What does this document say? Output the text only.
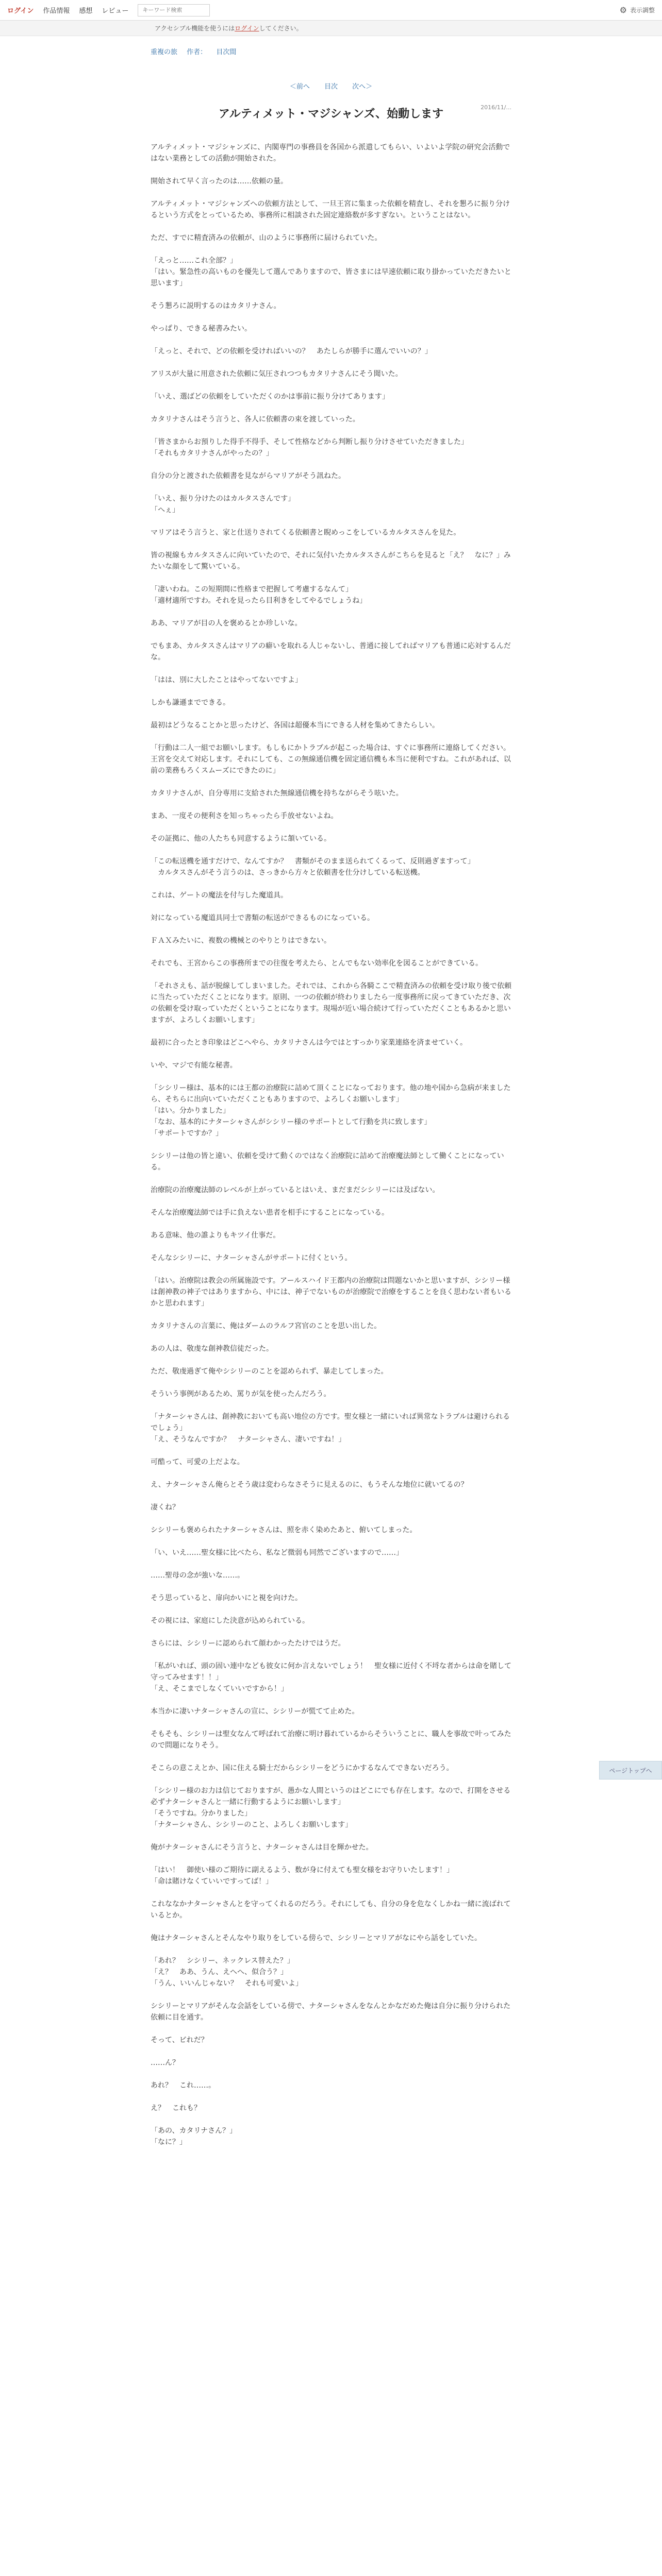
ログイン 作品情報 感想 レビュー
キーワード検索	⚙ 表示調整
アクセシブル機能を使うには ログイン してください。
重複の旅 作者： 目次間
＜前へ 目次 次へ＞
2016/11/...
アルティメット・マジシャンズ、始動します

アルティメット・マジシャンズに、内閣専門の事務員を各国から派遣してもらい、いよいよ学院の研究会活動ではない業務としての活動が開始された。

開始されて早く言ったのは……依頼の量。

アルティメット・マジシャンズへの依頼方法として、一旦王宮に集まった依頼を精査し、それを懇ろに振り分けるという方式をとっているため、事務所に相談された固定連絡数が多すぎない。ということはない。

ただ、すでに精査済みの依頼が、山のように事務所に届けられていた。

「えっと……これ全部？」
「はい。緊急性の高いものを優先して選んでありますので、皆さまには早速依頼に取り掛かっていただきたいと思います」

そう懇ろに説明するのはカタリナさん。

やっぱり、できる秘書みたい。

「えっと、それで、どの依頼を受ければいいの？　あたしらが勝手に選んでいいの？」

アリスが大量に用意された依頼に気圧されつつもカタリナさんにそう聞いた。

「いえ、選ばどの依頼をしていただくのかは事前に振り分けてあります」

カタリナさんはそう言うと、各人に依頼書の束を渡していった。

「皆さまからお預りした得手不得手、そして性格などから判断し振り分けさせていただきました」
「それもカタリナさんがやったの？」

自分の分と渡された依頼書を見ながらマリアがそう訊ねた。

「いえ、振り分けたのはカルタスさんです」
「へぇ」

マリアはそう言うと、家と仕送りされてくる依頼書と睨めっこをしているカルタスさんを見た。

皆の視線もカルタスさんに向いていたので、それに気付いたカルタスさんがこちらを見ると「え？　なに？」みたいな顔をして驚いている。

「凄いわね。この短期間に性格まで把握して考慮するなんて」
「適材適所ですわ。それを見ったら目利きをしてやるでしょうね」

ああ、マリアが目の人を褒めるとか珍しいな。

でもまあ、カルタスさんはマリアの癖いを取れる人じゃないし、普通に接してればマリアも普通に応対するんだな。

「はは、別に大したことはやってないですよ」

しかも謙遜までできる。

最初はどうなることかと思ったけど、各国は超優本当にできる人材を集めてきたらしい。

「行動は二人一組でお願いします。もしもにかトラブルが起こった場合は、すぐに事務所に連絡してください。王宮を交えて対応します。それにしても、この無線通信機を固定通信機も本当に便利ですね。これがあれば、以前の業務もろくスムーズにできたのに」

カタリナさんが、自分専用に支給された無線通信機を持ちながらそう呟いた。

まあ、一度その便利さを知っちゃったら手放せないよね。

その証拠に、他の人たちも同意するように頷いている。

「この転送機を通すだけで、なんてすか？　書類がそのまま送られてくるって、反則過ぎますって」
　カルタスさんがそう言うのは、さっきから方々と依頼書を仕分けしている転送機。

これは、ゲートの魔法を付与した魔道具。

対になっている魔道具同士で書類の転送ができるものになっている。

ＦＡＸみたいに、複数の機械とのやりとりはできない。

それでも、王宮からこの事務所までの往復を考えたら、とんでもない効率化を図ることができている。

「それさえも、話が脱線してしまいました。それでは、これから各騎ここで精査済みの依頼を受け取り後で依頼に当たっていただくことになります。原則、一つの依頼が終わりましたら一度事務所に戻ってきていただき、次の依頼を受け取っていただくということになります。現場が近い場合続けて行っていただくこともあるかと思いますが、よろしくお願いします」

最初に合ったとき印象はどこへやら、カタリナさんは今ではとすっかり家業連絡を済ませていく。

いや、マジで有能な秘書。

「シシリー様は、基本的には王都の治療院に詰めて頂くことになっております。他の地や国から急病が来ましたら、そちらに出向いていただくこともありますので、よろしくお願いします」
「はい。分かりました」
「なお、基本的にナターシャさんがシシリー様のサポートとして行動を共に致します」
「サポートですか？」

シシリーは他の皆と違い、依頼を受けて動くのではなく治療院に詰めて治療魔法師として働くことになっている。

治療院の治療魔法師のレベルが上がっているとはいえ、まだまだシシリーには及ばない。

そんな治療魔法師では手に負えない患者を相手にすることになっている。

ある意味、他の誰よりもキツイ仕事だ。

そんなシシリーに、ナターシャさんがサポートに付くという。

「はい。治療院は教会の所属施設です。アールスハイド王都内の治療院は問題ないかと思いますが、シシリー様は創神教の神子ではありますから、中には、神子でないものが治療院で治療をすることを良く思わない者もいるかと思われます」

カタリナさんの言葉に、俺はダームのラルフ宮官のことを思い出した。

あの人は、敬虔な創神教信徒だった。

ただ、敬虔過ぎて俺やシシリーのことを認められず、暴走してしまった。

そういう事例があるため、罵りが気を使ったんだろう。

「ナターシャさんは、創神教においても高い地位の方です。聖女様と一緒にいれば異常なトラブルは避けられるでしょう」
「え、そうなんですか？　ナターシャさん、凄いですね！」

可酷って、可愛の上だよな。

え、ナターシャさん俺らとそう歳は変わらなさそうに見えるのに、もうそんな地位に就いてるの？

凄くね？

シシリーも褒められたナターシャさんは、照を赤く染めたあと、俯いてしまった。

「い、いえ……聖女様に比べたら、私など微弱も同然でございますので……」

……聖母の念が強いな……。

そう思っていると、扉向かいにと視を向けた。

その視には、家庭にした決意が込められている。

さらには、シシリーに認められて顔わかったたけではうだ。

「私がいれば、頭の固い連中なども彼女に何か言えないでしょう！　聖女様に近付く不埒な者からは命を賭して守ってみせます！！」
「え、そこまでしなくていいですから！」

本当かに凄いナターシャさんの宣に、シシリーが慌てて止めた。

そもそも、シシリーは聖女なんて呼ばれて治療に明け暮れているからそういうことに、職人を事故で叶ってみたので問題になりそう。

そこらの意こえとか、国に住える騎士だからシシリーをどうにかするなんてできないだろう。

「シシリー様のお力は信じておりますが、愚かな人間というのはどこにでも存在します。なので、打開をさせる必ずナターシャさんと一緒に行動するようにお願いします」
「そうですね。分かりました」
「ナターシャさん、シシリーのこと、よろしくお願いします」

俺がナターシャさんにそう言うと、ナターシャさんは目を輝かせた。

「はい！　御使い様のご期待に副えるよう、数が身に付えても聖女様をお守りいたします！」
「命は賭けなくていいですってば！」

これななかナターシャさんとを守ってくれるのだろう。それにしても、自分の身を危なくしかね一緒に流ばれているとか。

俺はナターシャさんとそんなやり取りをしている傍らで、シシリーとマリアがなにやら話をしていた。

「あれ？　シシリー、ネックレス替えた？」
「え？　ああ、うん、えへへ、似合う？」
「うん、いいんじゃない？　それも可愛いよ」

シシリーとマリアがそんな会話をしている傍で、ナターシャさんをなんとかなだめた俺は自分に振り分けられた依頼に目を通す。

そって、ビれだ？

……ん？

あれ？　これ……。

え？　これも？

「あの、カタリナさん？」
「なに？」

ページトップへ
